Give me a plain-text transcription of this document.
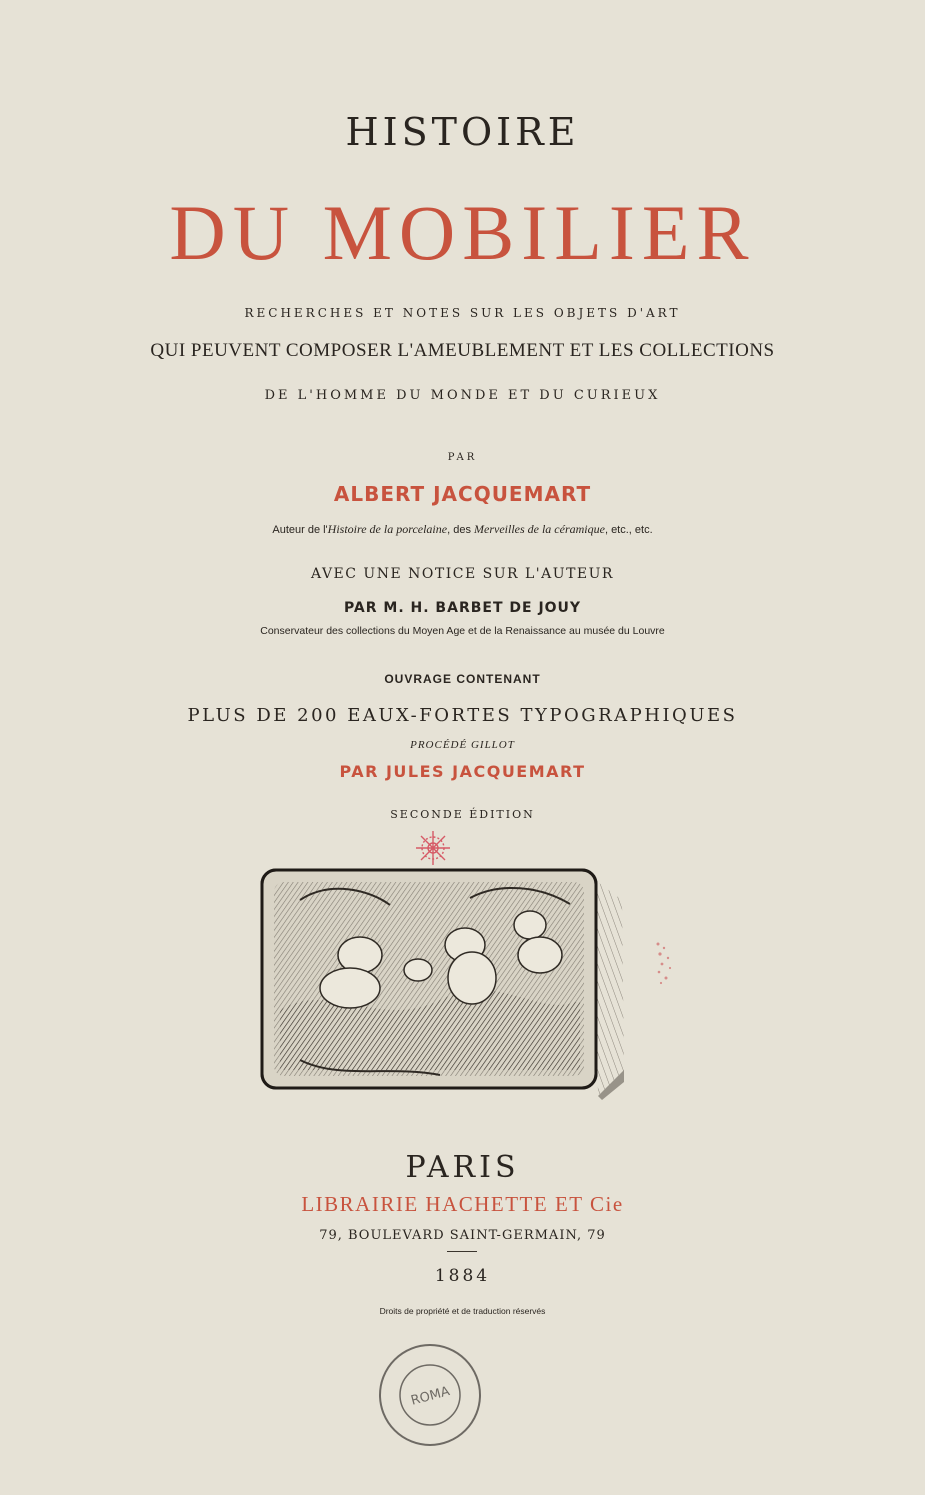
HISTOIRE
DU MOBILIER
RECHERCHES ET NOTES SUR LES OBJETS D'ART
QUI PEUVENT COMPOSER L'AMEUBLEMENT ET LES COLLECTIONS
DE L'HOMME DU MONDE ET DU CURIEUX
PAR
ALBERT JACQUEMART
Auteur de l'Histoire de la porcelaine, des Merveilles de la céramique, etc., etc.
AVEC UNE NOTICE SUR L'AUTEUR
PAR M. H. BARBET DE JOUY
Conservateur des collections du Moyen Age et de la Renaissance au musée du Louvre
OUVRAGE CONTENANT
PLUS DE 200 EAUX-FORTES TYPOGRAPHIQUES
PROCÉDÉ GILLOT
PAR JULES JACQUEMART
SECONDE ÉDITION
PARIS
LIBRAIRIE HACHETTE ET Cie
79, BOULEVARD SAINT-GERMAIN, 79
1884
Droits de propriété et de traduction réservés
ROMA
